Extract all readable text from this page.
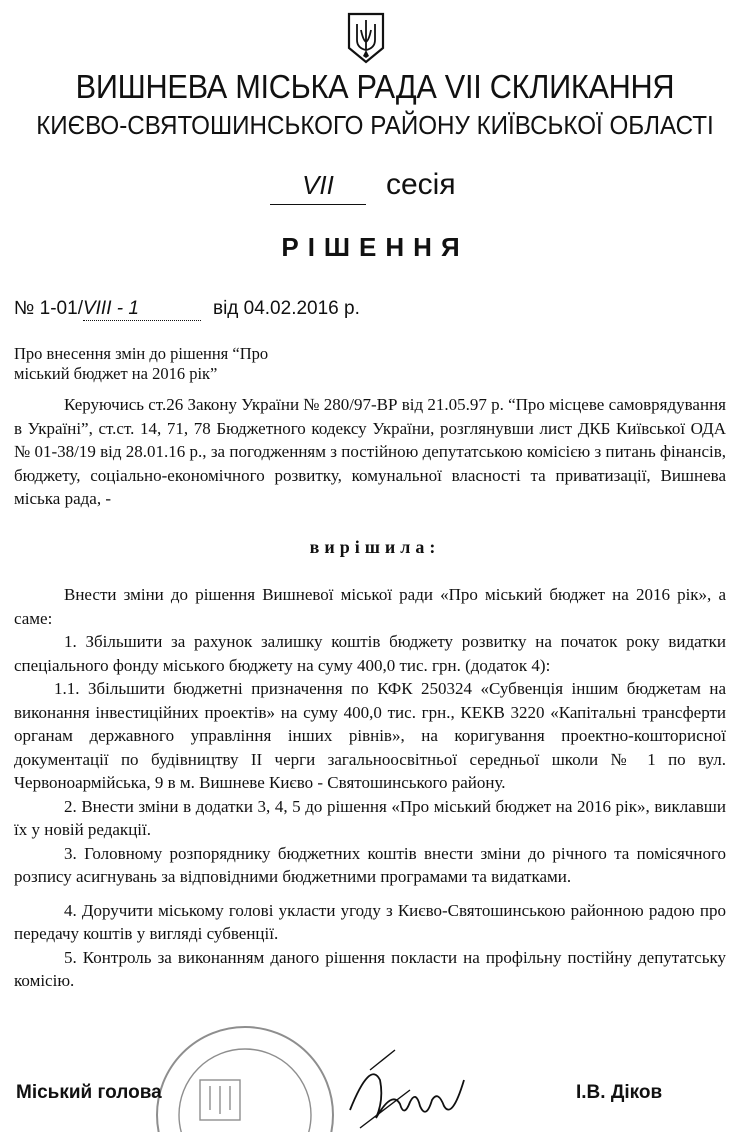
ВИШНЕВА МІСЬКА РАДА VII СКЛИКАННЯ
КИЄВО-СВЯТОШИНСЬКОГО РАЙОНУ КИЇВСЬКОЇ ОБЛАСТІ
VII	сесія
РІШЕННЯ
№ 1-01/VIII - 1	від 04.02.2016 р.
Про внесення змін до рішення “Про
міський бюджет на 2016 рік”

Керуючись ст.26 Закону України № 280/97-ВР від 21.05.97 р. “Про місцеве самоврядування в Україні”, ст.ст. 14, 71, 78 Бюджетного кодексу України, розглянувши лист ДКБ Київської ОДА № 01-38/19 від 28.01.16 р., за погодженням з постійною депутатською комісією з питань фінансів, бюджету, соціально-економічного розвитку, комунальної власності та приватизації, Вишнева міська рада, -

вирішила:

Внести зміни до рішення Вишневої міської ради «Про міський бюджет на 2016 рік», а саме:

1. Збільшити за рахунок залишку коштів бюджету розвитку на початок року видатки спеціального фонду міського бюджету на суму 400,0 тис. грн. (додаток 4):

1.1. Збільшити бюджетні призначення по КФК 250324 «Субвенція іншим бюджетам на виконання інвестиційних проектів» на суму 400,0 тис. грн., КЕКВ 3220 «Капітальні трансферти органам державного управління інших рівнів», на коригування проектно-кошторисної документації по будівництву ІІ черги загальноосвітньої середньої школи № 1 по вул. Червоноармійська, 9 в м. Вишневе Києво - Святошинського району.

2. Внести зміни в додатки 3, 4, 5 до рішення «Про міський бюджет на 2016 рік», виклавши їх у новій редакції.

3. Головному розпоряднику бюджетних коштів внести зміни до річного та помісячного розпису асигнувань за відповідними бюджетними програмами та видатками.

4. Доручити міському голові укласти угоду з Києво-Святошинською районною радою про передачу коштів у вигляді субвенції.

5. Контроль за виконанням даного рішення покласти на профільну постійну депутатську комісію.

Міський голова	І.В. Діков
